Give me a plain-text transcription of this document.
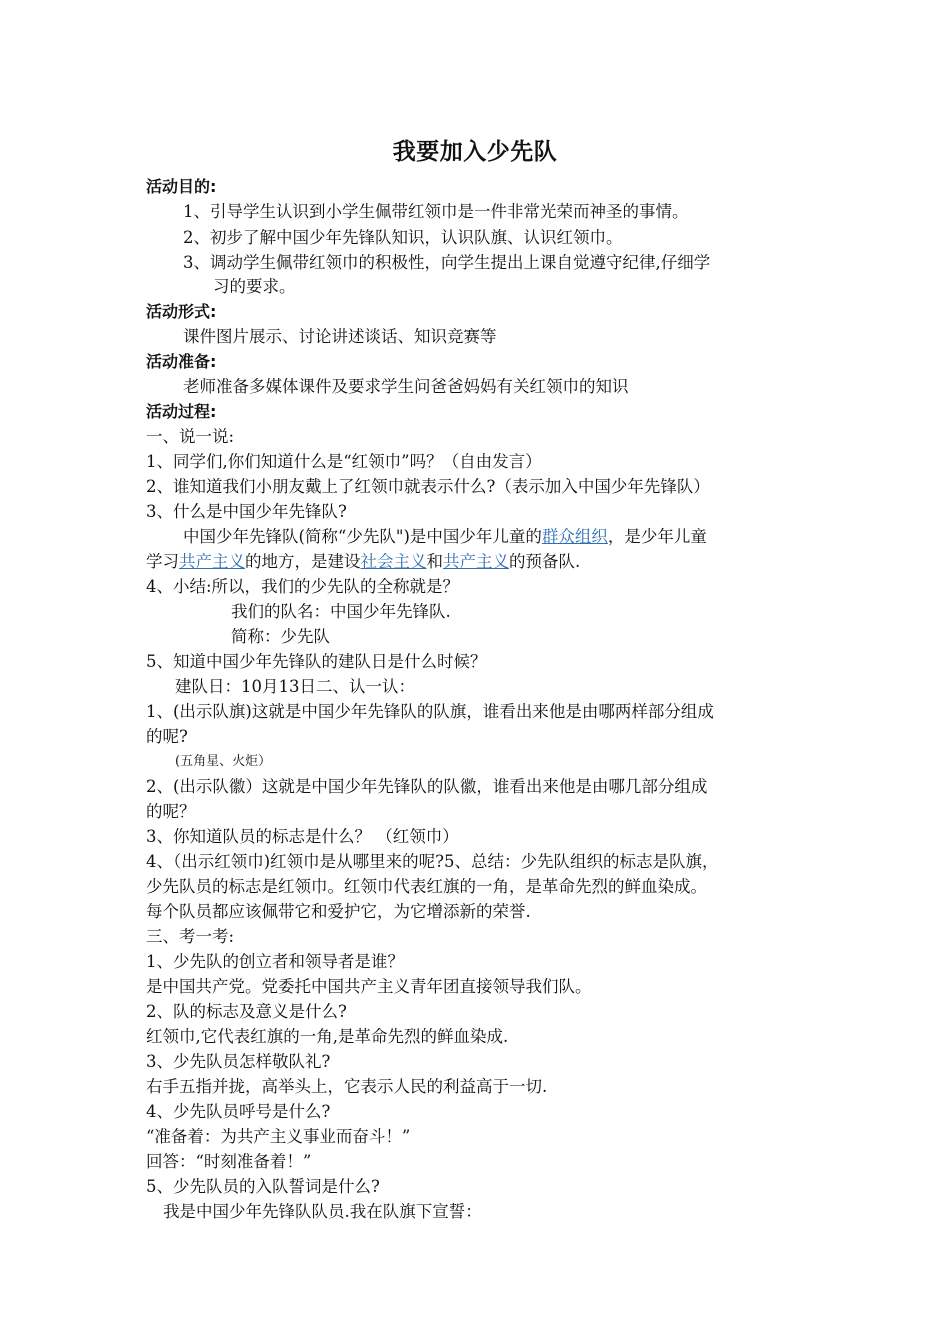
我要加入少先队
活动目的:
1、引导学生认识到小学生佩带红领巾是一件非常光荣而神圣的事情。
2、初步了解中国少年先锋队知识，认识队旗、认识红领巾。
3、调动学生佩带红领巾的积极性，向学生提出上课自觉遵守纪律,仔细学
习的要求。
活动形式:
课件图片展示、讨论讲述谈话、知识竞赛等
活动准备:
老师准备多媒体课件及要求学生问爸爸妈妈有关红领巾的知识
活动过程:
一、说一说:
1、同学们,你们知道什么是“红领巾”吗？（自由发言）
2、谁知道我们小朋友戴上了红领巾就表示什么?（表示加入中国少年先锋队）
3、什么是中国少年先锋队?
中国少年先锋队(简称“少先队")是中国少年儿童的群众组织，是少年儿童
学习共产主义的地方，是建设社会主义和共产主义的预备队.
4、小结:所以，我们的少先队的全称就是？
我们的队名：中国少年先锋队.
简称：少先队
5、知道中国少年先锋队的建队日是什么时候？
建队日：10月13日二、认一认：
1、(出示队旗)这就是中国少年先锋队的队旗，谁看出来他是由哪两样部分组成
的呢?
(五角星、火炬）
2、(出示队徽）这就是中国少年先锋队的队徽，谁看出来他是由哪几部分组成
的呢？
3、你知道队员的标志是什么？ （红领巾）
4、（出示红领巾)红领巾是从哪里来的呢?5、总结：少先队组织的标志是队旗，
少先队员的标志是红领巾。红领巾代表红旗的一角，是革命先烈的鲜血染成。
每个队员都应该佩带它和爱护它，为它增添新的荣誉.
三、考一考:
1、少先队的创立者和领导者是谁？
是中国共产党。党委托中国共产主义青年团直接领导我们队。
2、队的标志及意义是什么?
红领巾,它代表红旗的一角,是革命先烈的鲜血染成.
3、少先队员怎样敬队礼?
右手五指并拢，高举头上，它表示人民的利益高于一切.
4、少先队员呼号是什么?
“准备着：为共产主义事业而奋斗！”
回答：“时刻准备着！”
5、少先队员的入队誓词是什么?
我是中国少年先锋队队员.我在队旗下宣誓：
